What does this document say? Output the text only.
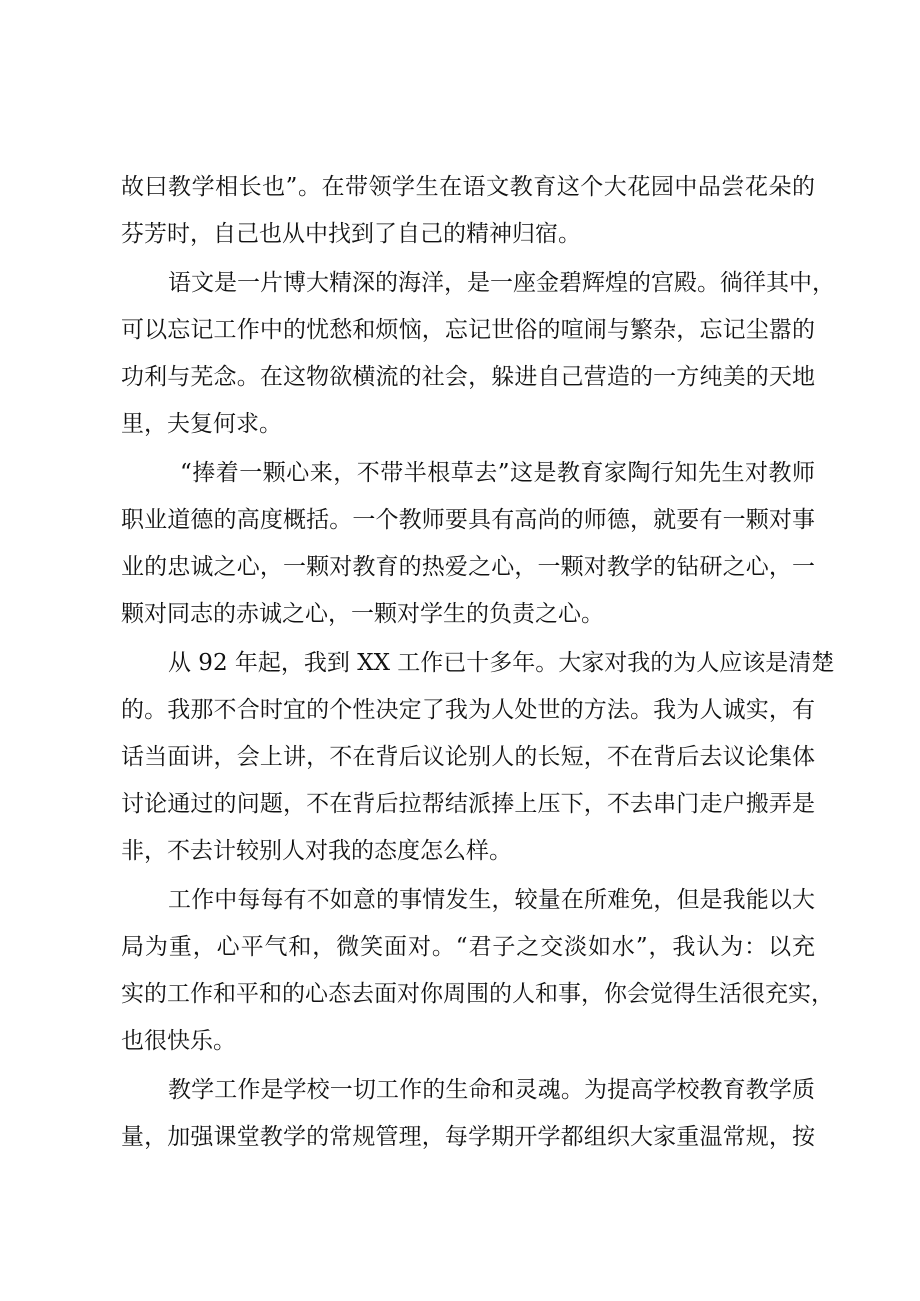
故曰教学相长也”。在带领学生在语文教育这个大花园中品尝花朵的
芬芳时，自己也从中找到了自己的精神归宿。
语文是一片博大精深的海洋，是一座金碧辉煌的宫殿。徜徉其中，
可以忘记工作中的忧愁和烦恼，忘记世俗的喧闹与繁杂，忘记尘嚣的
功利与芜念。在这物欲横流的社会，躲进自己营造的一方纯美的天地
里，夫复何求。
“捧着一颗心来，不带半根草去”这是教育家陶行知先生对教师
职业道德的高度概括。一个教师要具有高尚的师德，就要有一颗对事
业的忠诚之心，一颗对教育的热爱之心，一颗对教学的钻研之心，一
颗对同志的赤诚之心，一颗对学生的负责之心。
从 92 年起，我到 XX 工作已十多年。大家对我的为人应该是清楚
的。我那不合时宜的个性决定了我为人处世的方法。我为人诚实，有
话当面讲，会上讲，不在背后议论别人的长短，不在背后去议论集体
讨论通过的问题，不在背后拉帮结派捧上压下，不去串门走户搬弄是
非，不去计较别人对我的态度怎么样。
工作中每每有不如意的事情发生，较量在所难免，但是我能以大
局为重，心平气和，微笑面对。“君子之交淡如水”，我认为：以充
实的工作和平和的心态去面对你周围的人和事，你会觉得生活很充实，
也很快乐。
教学工作是学校一切工作的生命和灵魂。为提高学校教育教学质
量，加强课堂教学的常规管理，每学期开学都组织大家重温常规，按
